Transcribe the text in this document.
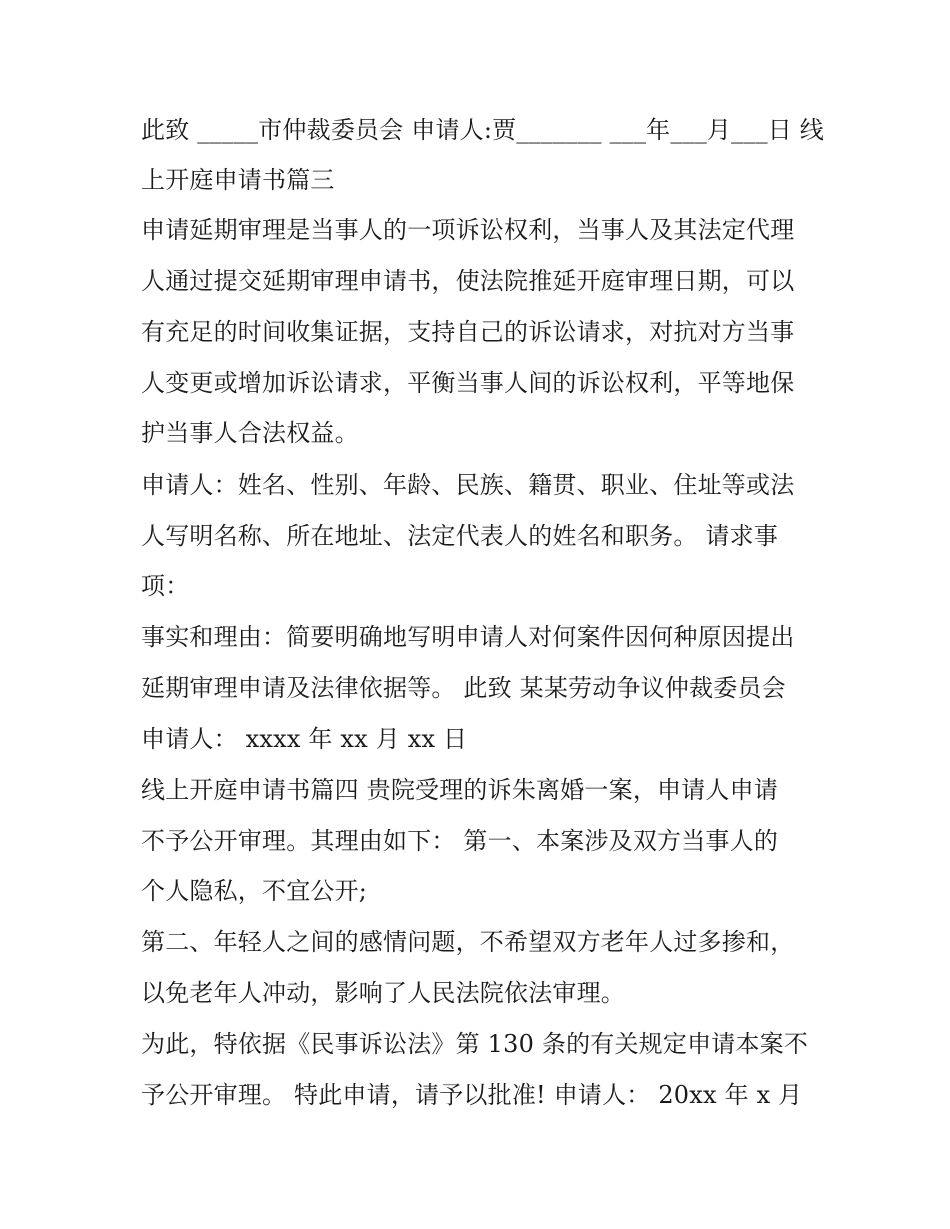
此致 _____市仲裁委员会 申请人:贾_______ ___年___月___日 线
上开庭申请书篇三
申请延期审理是当事人的一项诉讼权利，当事人及其法定代理
人通过提交延期审理申请书，使法院推延开庭审理日期，可以
有充足的时间收集证据，支持自己的诉讼请求，对抗对方当事
人变更或增加诉讼请求，平衡当事人间的诉讼权利，平等地保
护当事人合法权益。
申请人：姓名、性别、年龄、民族、籍贯、职业、住址等或法
人写明名称、所在地址、法定代表人的姓名和职务。 请求事
项：
事实和理由：简要明确地写明申请人对何案件因何种原因提出
延期审理申请及法律依据等。 此致 某某劳动争议仲裁委员会
申请人： xxxx 年 xx 月 xx 日
线上开庭申请书篇四 贵院受理的诉朱离婚一案，申请人申请
不予公开审理。其理由如下： 第一、本案涉及双方当事人的
个人隐私，不宜公开;
第二、年轻人之间的感情问题，不希望双方老年人过多掺和，
以免老年人冲动，影响了人民法院依法审理。
为此，特依据《民事诉讼法》第 130 条的有关规定申请本案不
予公开审理。 特此申请，请予以批准! 申请人： 20xx 年 x 月
